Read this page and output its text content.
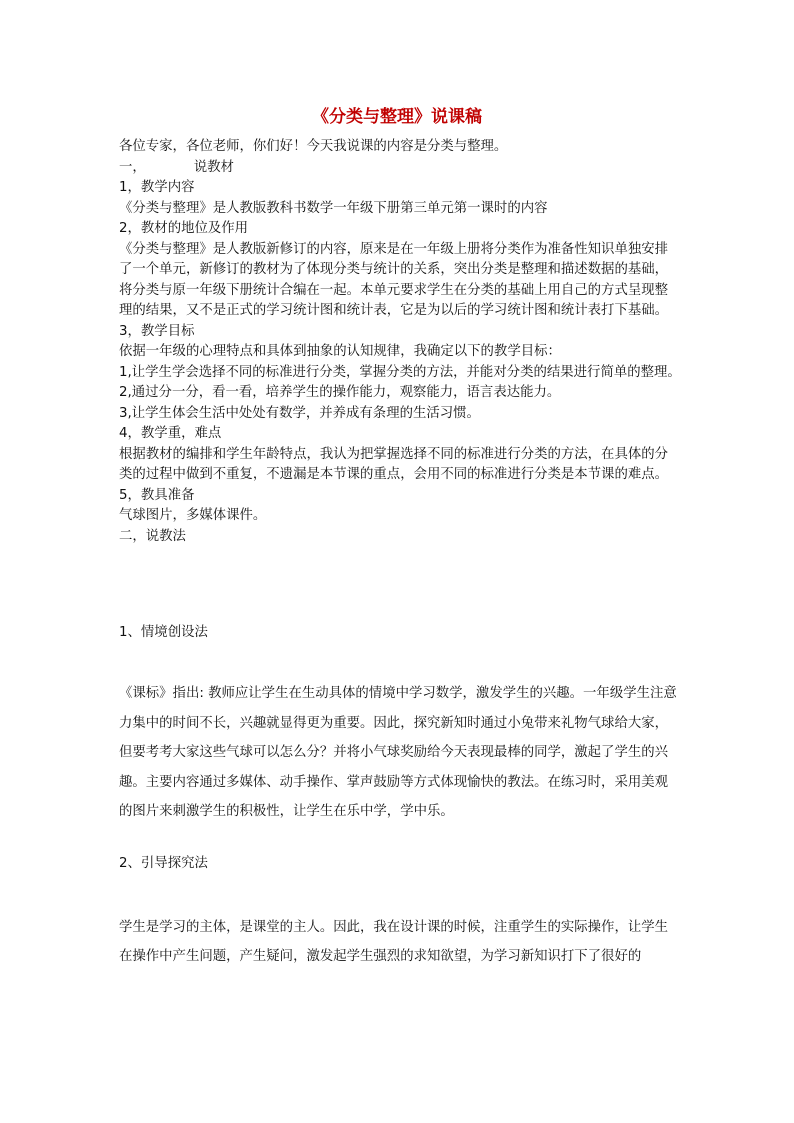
《分类与整理》说课稿

各位专家，各位老师，你们好！今天我说课的内容是分类与整理。

一，	说教材

1，教学内容

《分类与整理》是人教版教科书数学一年级下册第三单元第一课时的内容

2，教材的地位及作用

《分类与整理》是人教版新修订的内容，原来是在一年级上册将分类作为准备性知识单独安排了一个单元，新修订的教材为了体现分类与统计的关系，突出分类是整理和描述数据的基础，将分类与原一年级下册统计合编在一起。本单元要求学生在分类的基础上用自己的方式呈现整理的结果，又不是正式的学习统计图和统计表，它是为以后的学习统计图和统计表打下基础。

3，教学目标

依据一年级的心理特点和具体到抽象的认知规律，我确定以下的教学目标：

1,让学生学会选择不同的标准进行分类，掌握分类的方法，并能对分类的结果进行简单的整理。

2,通过分一分，看一看，培养学生的操作能力，观察能力，语言表达能力。

3,让学生体会生活中处处有数学，并养成有条理的生活习惯。

4，教学重，难点

根据教材的编排和学生年龄特点，我认为把掌握选择不同的标准进行分类的方法，在具体的分类的过程中做到不重复，不遗漏是本节课的重点，会用不同的标准进行分类是本节课的难点。

5，教具准备

气球图片，多媒体课件。

二，说教法

1、情境创设法

《课标》指出: 教师应让学生在生动具体的情境中学习数学，激发学生的兴趣。一年级学生注意力集中的时间不长，兴趣就显得更为重要。因此，探究新知时通过小兔带来礼物气球给大家，但要考考大家这些气球可以怎么分？并将小气球奖励给今天表现最棒的同学，激起了学生的兴趣。主要内容通过多媒体、动手操作、掌声鼓励等方式体现愉快的教法。在练习时，采用美观的图片来刺激学生的积极性，让学生在乐中学，学中乐。

2、引导探究法

学生是学习的主体，是课堂的主人。因此，我在设计课的时候，注重学生的实际操作，让学生在操作中产生问题，产生疑问，激发起学生强烈的求知欲望，为学习新知识打下了很好的
